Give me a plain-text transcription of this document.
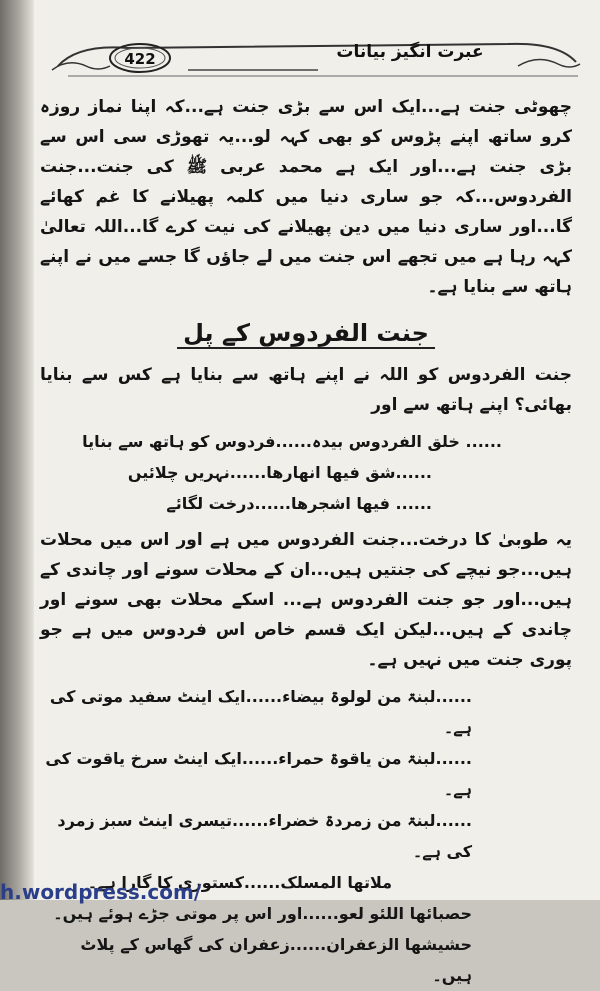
422	عبرت انگیز بیانات

چھوٹی جنت ہے...ایک اس سے بڑی جنت ہے...کہ اپنا نماز روزہ کرو ساتھ اپنے پڑوس کو بھی کہہ لو...یہ تھوڑی سی اس سے بڑی جنت ہے...اور ایک ہے محمد عربی ﷺ کی جنت...جنت الفردوس...کہ جو ساری دنیا میں کلمہ پھیلانے کا غم کھائے گا...اور ساری دنیا میں دین پھیلانے کی نیت کرے گا...اللہ تعالیٰ کہہ رہا ہے میں تجھے اس جنت میں لے جاؤں گا جسے میں نے اپنے ہاتھ سے بنایا ہے۔

جنت الفردوس کے پل

جنت الفردوس کو اللہ نے اپنے ہاتھ سے بنایا ہے کس سے بنایا بھائی؟ اپنے ہاتھ سے اور

...... خلق الفردوس بیدہ......فردوس کو ہاتھ سے بنایا
......شق فیھا انھارھا......نہریں چلائیں
...... فیھا اشجرھا......درخت لگائے

یہ طوبیٰ کا درخت...جنت الفردوس میں ہے اور اس میں محلات ہیں...جو نیچے کی جنتیں ہیں...ان کے محلات سونے اور چاندی کے ہیں...اور جو جنت الفردوس ہے... اسکے محلات بھی سونے اور چاندی کے ہیں...لیکن ایک قسم خاص اس فردوس میں ہے جو پوری جنت میں نہیں ہے۔

......لبنۃ من لولوۃ بیضاء......ایک اینٹ سفید موتی کی ہے۔
......لبنۃ من یاقوۃ حمراء......ایک اینٹ سرخ یاقوت کی ہے۔
......لبنۃ من زمردۃ خضراء......تیسری اینٹ سبز زمرد کی ہے۔
ملاتھا المسلک......کستوری کا گارا ہے۔
حصبائھا اللئو لعو......اور اس پر موتی جڑے ہوئے ہیں۔
حشیشھا الزعفران......زعفران کی گھاس کے پلاٹ ہیں۔
h.wordpress.com/
